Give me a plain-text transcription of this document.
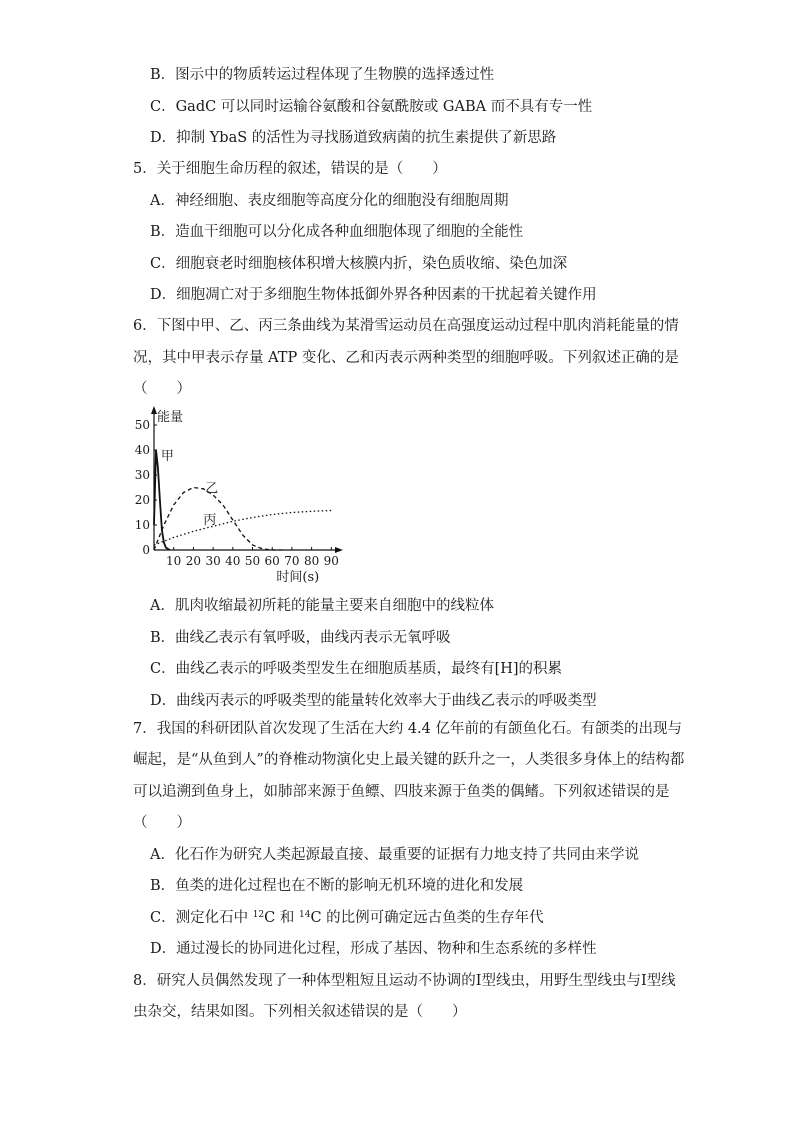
B．图示中的物质转运过程体现了生物膜的选择透过性
C．GadC 可以同时运输谷氨酸和谷氨酰胺或 GABA 而不具有专一性
D．抑制 YbaS 的活性为寻找肠道致病菌的抗生素提供了新思路
5．关于细胞生命历程的叙述，错误的是（　　）
A．神经细胞、表皮细胞等高度分化的细胞没有细胞周期
B．造血干细胞可以分化成各种血细胞体现了细胞的全能性
C．细胞衰老时细胞核体积增大核膜内折，染色质收缩、染色加深
D．细胞凋亡对于多细胞生物体抵御外界各种因素的干扰起着关键作用
6．下图中甲、乙、丙三条曲线为某滑雪运动员在高强度运动过程中肌肉消耗能量的情
况，其中甲表示存量 ATP 变化、乙和丙表示两种类型的细胞呼吸。下列叙述正确的是
（　　）
10 20 30 40 50 60 70 80 90
0
10
20
30
40
50
甲
乙
丙
能量
时间(s)
A．肌肉收缩最初所耗的能量主要来自细胞中的线粒体
B．曲线乙表示有氧呼吸，曲线丙表示无氧呼吸
C．曲线乙表示的呼吸类型发生在细胞质基质，最终有[H]的积累
D．曲线丙表示的呼吸类型的能量转化效率大于曲线乙表示的呼吸类型
7．我国的科研团队首次发现了生活在大约 4.4 亿年前的有颌鱼化石。有颌类的出现与
崛起，是“从鱼到人”的脊椎动物演化史上最关键的跃升之一，人类很多身体上的结构都
可以追溯到鱼身上，如肺部来源于鱼鳔、四肢来源于鱼类的偶鳍。下列叙述错误的是
（　　）
A．化石作为研究人类起源最直接、最重要的证据有力地支持了共同由来学说
B．鱼类的进化过程也在不断的影响无机环境的进化和发展
C．测定化石中 $^{12}$C 和 $^{14}$C 的比例可确定远古鱼类的生存年代
D．通过漫长的协同进化过程，形成了基因、物种和生态系统的多样性
8．研究人员偶然发现了一种体型粗短且运动不协调的Ⅰ型线虫，用野生型线虫与Ⅰ型线
虫杂交，结果如图。下列相关叙述错误的是（　　）
